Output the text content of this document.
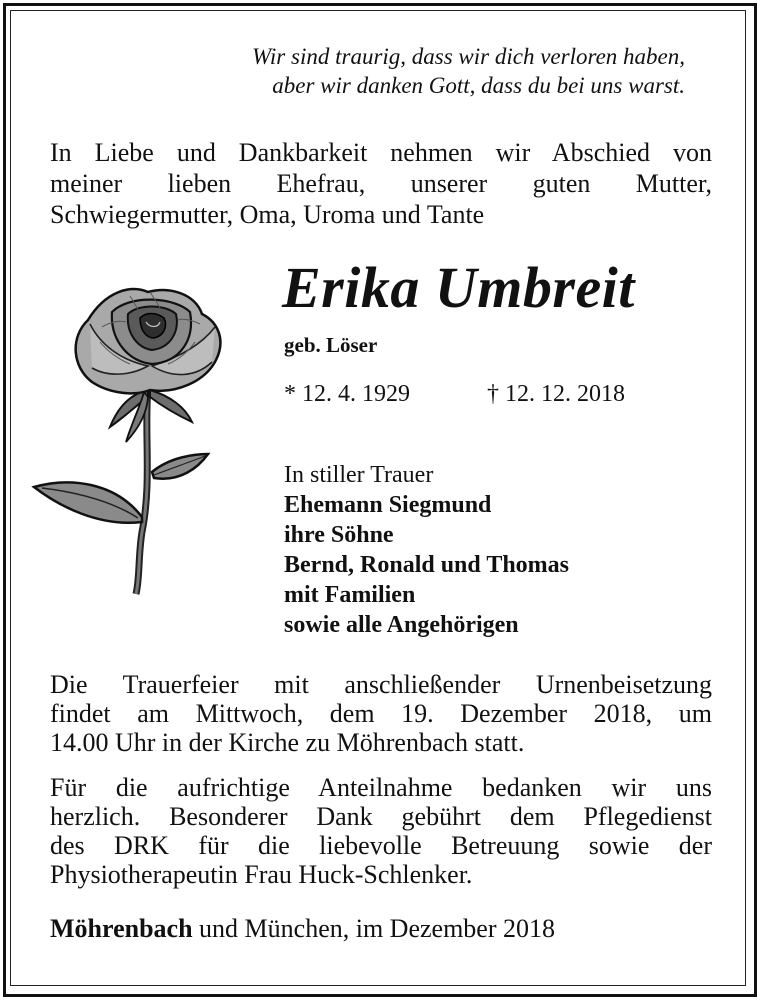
Wir sind traurig, dass wir dich verloren haben,
aber wir danken Gott, dass du bei uns warst.
In Liebe und Dankbarkeit nehmen wir Abschied von
meiner lieben Ehefrau, unserer guten Mutter,
Schwiegermutter, Oma, Uroma und Tante
Erika Umbreit
geb. Löser
* 12. 4. 1929	† 12. 12. 2018
In stiller Trauer
Ehemann Siegmund
ihre Söhne
Bernd, Ronald und Thomas
mit Familien
sowie alle Angehörigen
Die Trauerfeier mit anschließender Urnenbeisetzung
findet am Mittwoch, dem 19. Dezember 2018, um
14.00 Uhr in der Kirche zu Möhrenbach statt.
Für die aufrichtige Anteilnahme bedanken wir uns
herzlich. Besonderer Dank gebührt dem Pflegedienst
des DRK für die liebevolle Betreuung sowie der
Physiotherapeutin Frau Huck-Schlenker.
Möhrenbach und München, im Dezember 2018
